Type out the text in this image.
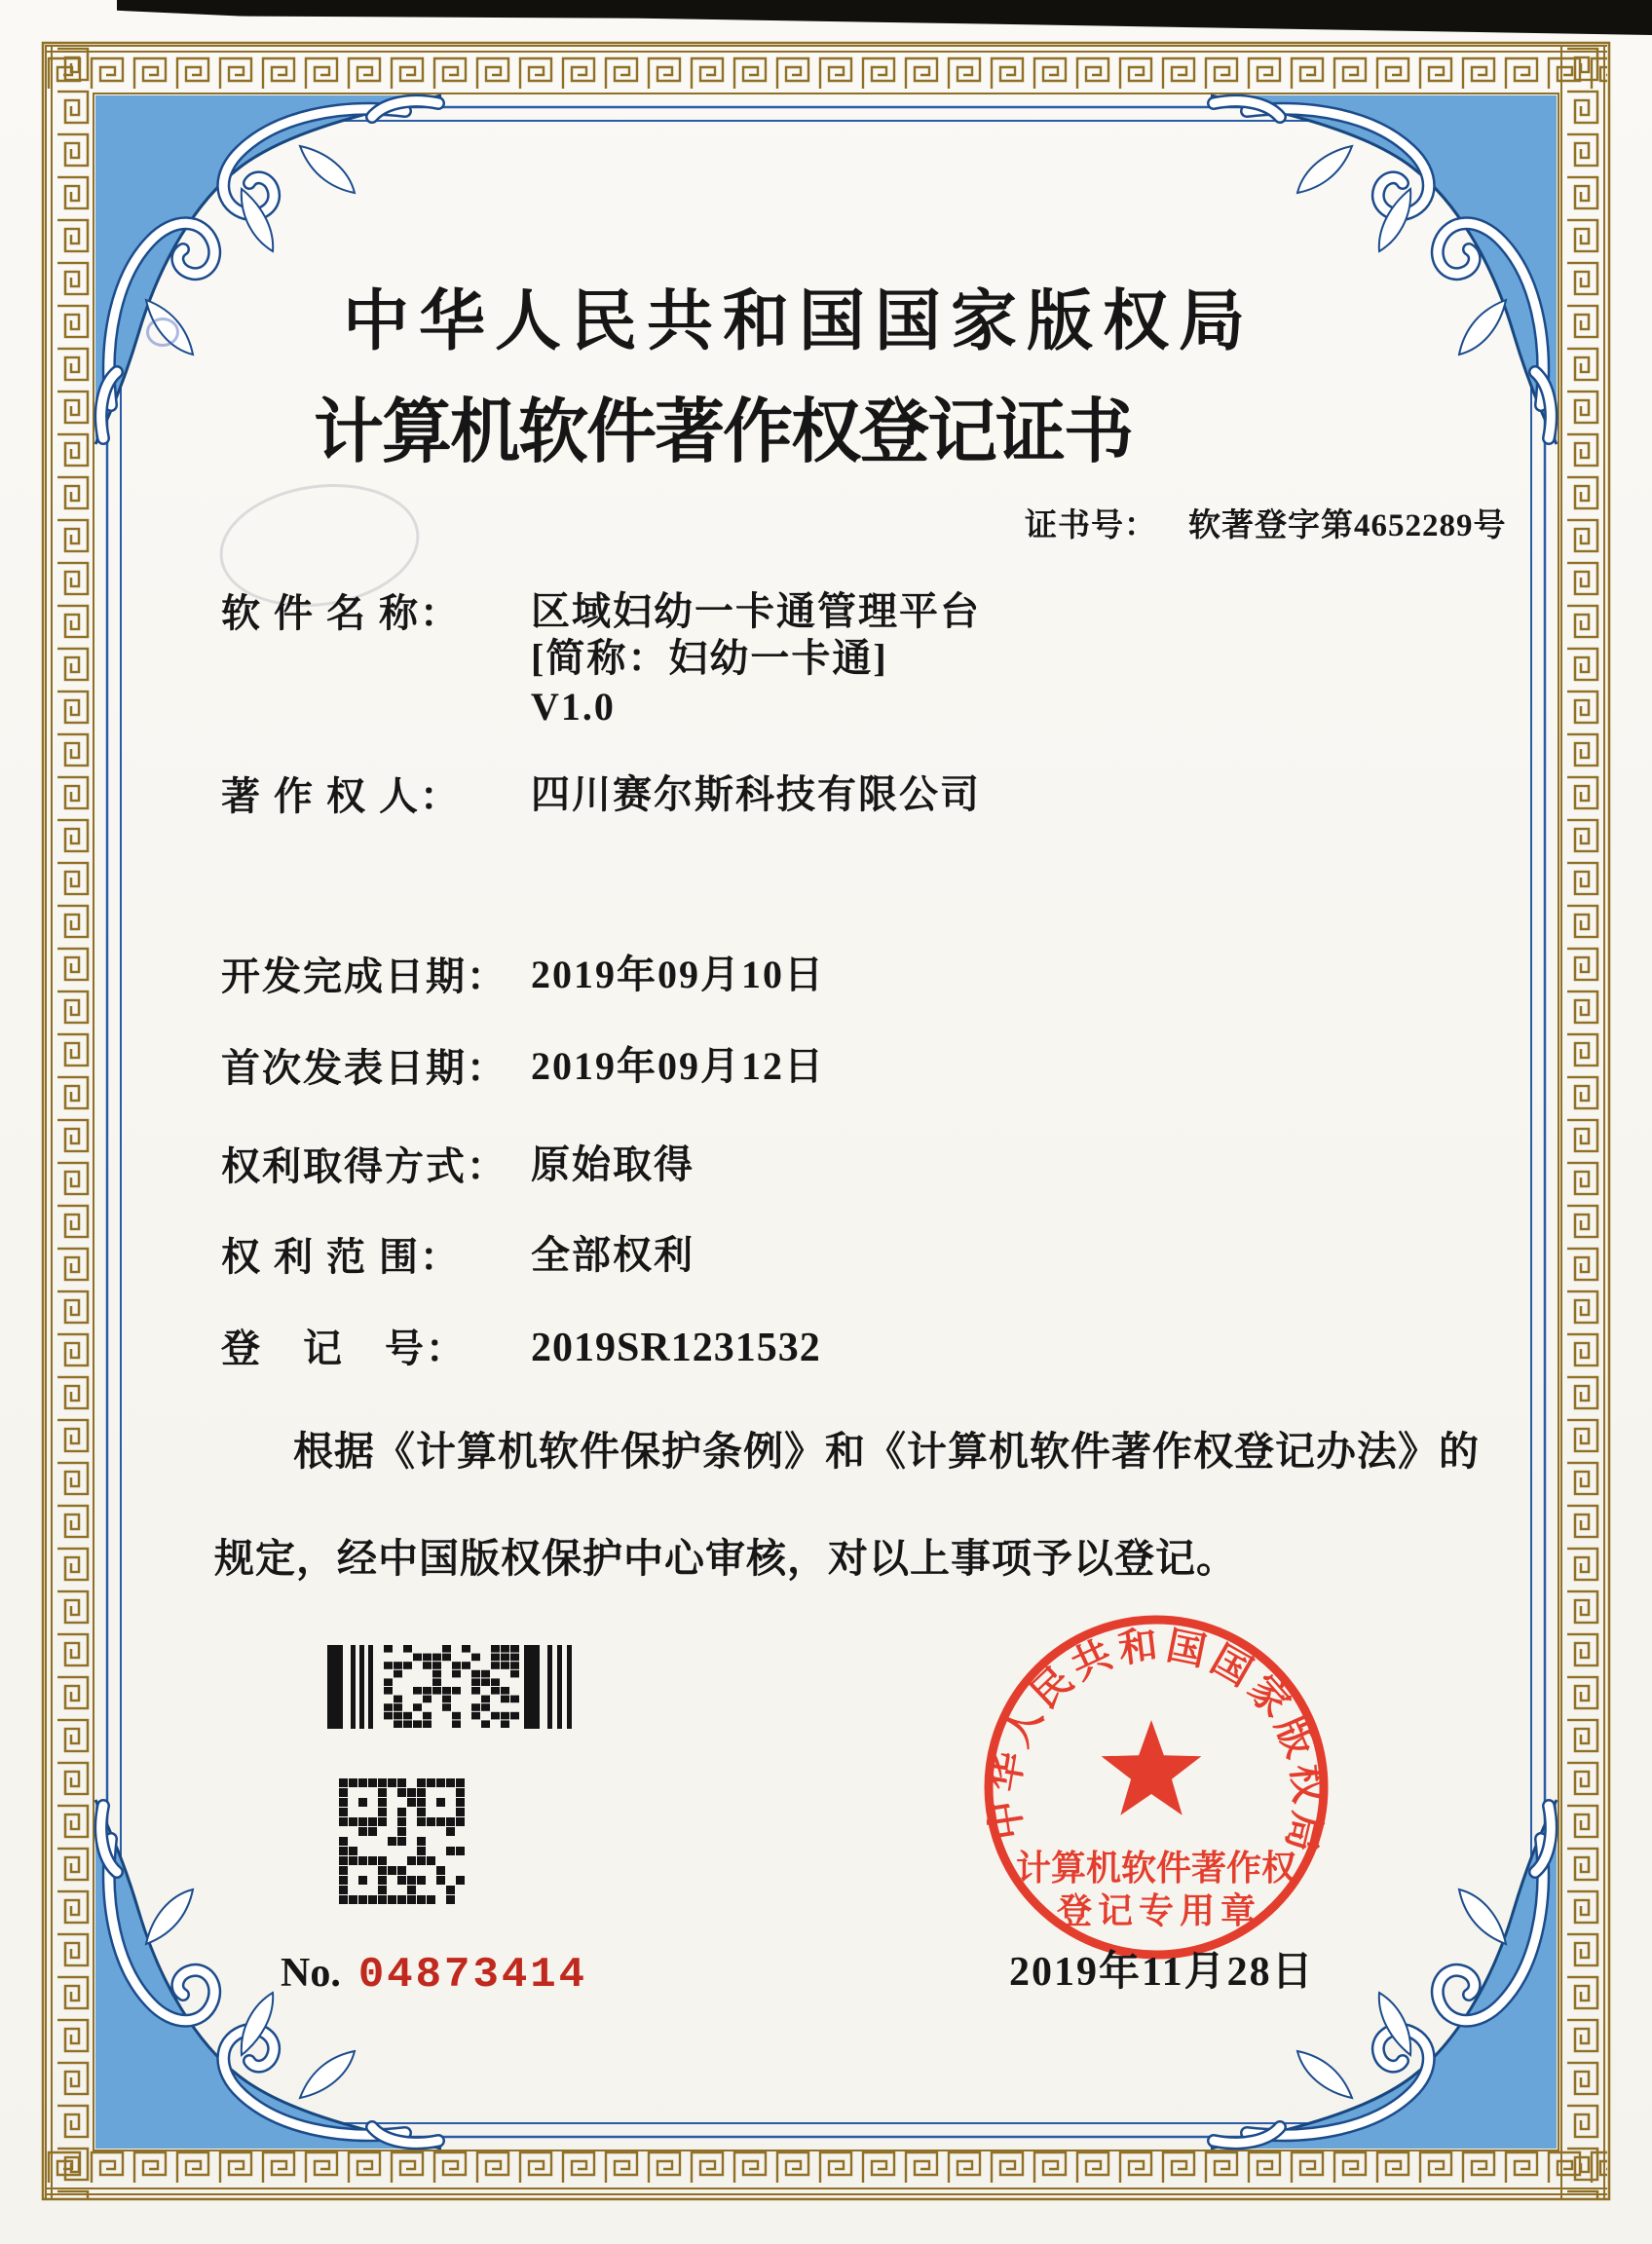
中华人民共和国国家版权局
计算机软件著作权登记证书
证书号： 软著登字第4652289号
软 件 名 称： 区域妇幼一卡通管理平台
[简称：妇幼一卡通]
V1.0
著 作 权 人： 四川赛尔斯科技有限公司
开发完成日期： 2019年09月10日
首次发表日期： 2019年09月12日
权利取得方式： 原始取得
权 利 范 围： 全部权利
登　记　号： 2019SR1231532
根据《计算机软件保护条例》和《计算机软件著作权登记办法》的
规定，经中国版权保护中心审核，对以上事项予以登记。
No. 04873414
中华人民共和国国家版权局
计算机软件著作权
登记专用章
2019年11月28日
